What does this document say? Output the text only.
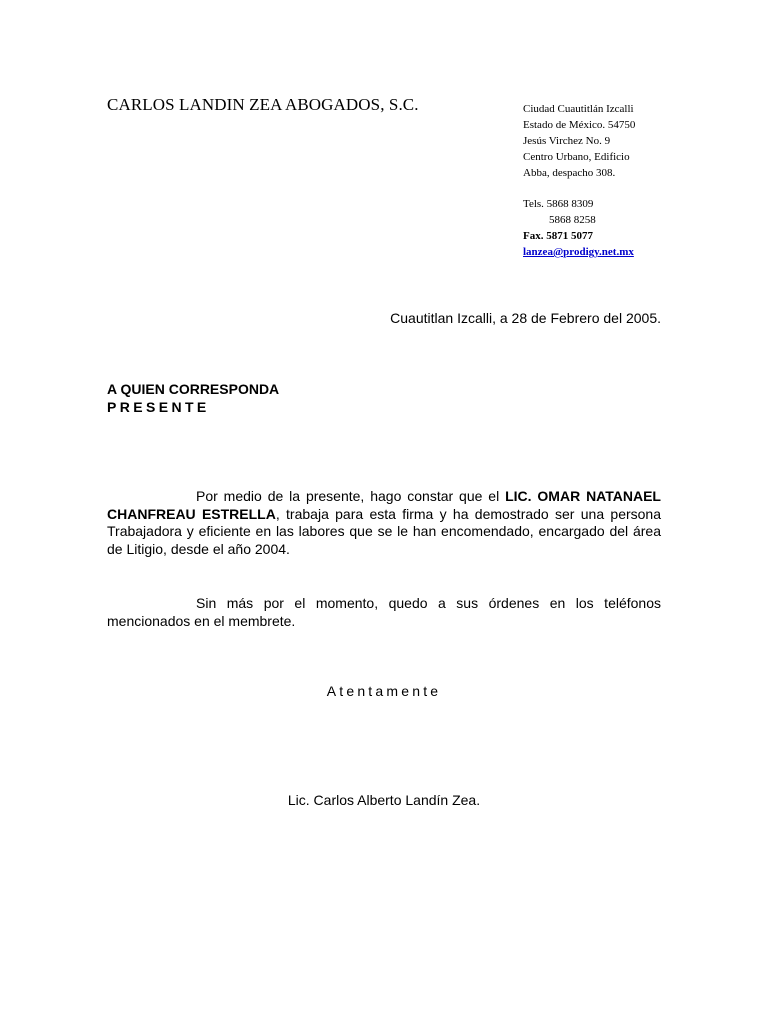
CARLOS LANDIN ZEA ABOGADOS, S.C.	Ciudad Cuautitlán Izcalli
Estado de México. 54750
Jesús Virchez No. 9
Centro Urbano, Edificio
Abba, despacho 308.
Tels. 5868 8309
5868 8258
Fax. 5871 5077
lanzea@prodigy.net.mx
Cuautitlan Izcalli, a 28 de Febrero del 2005.
A QUIEN CORRESPONDA
PRESENTE
Por medio de la presente, hago constar que el LIC. OMAR NATANAEL CHANFREAU ESTRELLA, trabaja para esta firma y ha demostrado ser una persona Trabajadora y eficiente en las labores que se le han encomendado, encargado del área de Litigio, desde el año 2004.
Sin más por el momento, quedo a sus órdenes en los teléfonos mencionados en el membrete.
Atentamente
Lic. Carlos Alberto Landín Zea.
